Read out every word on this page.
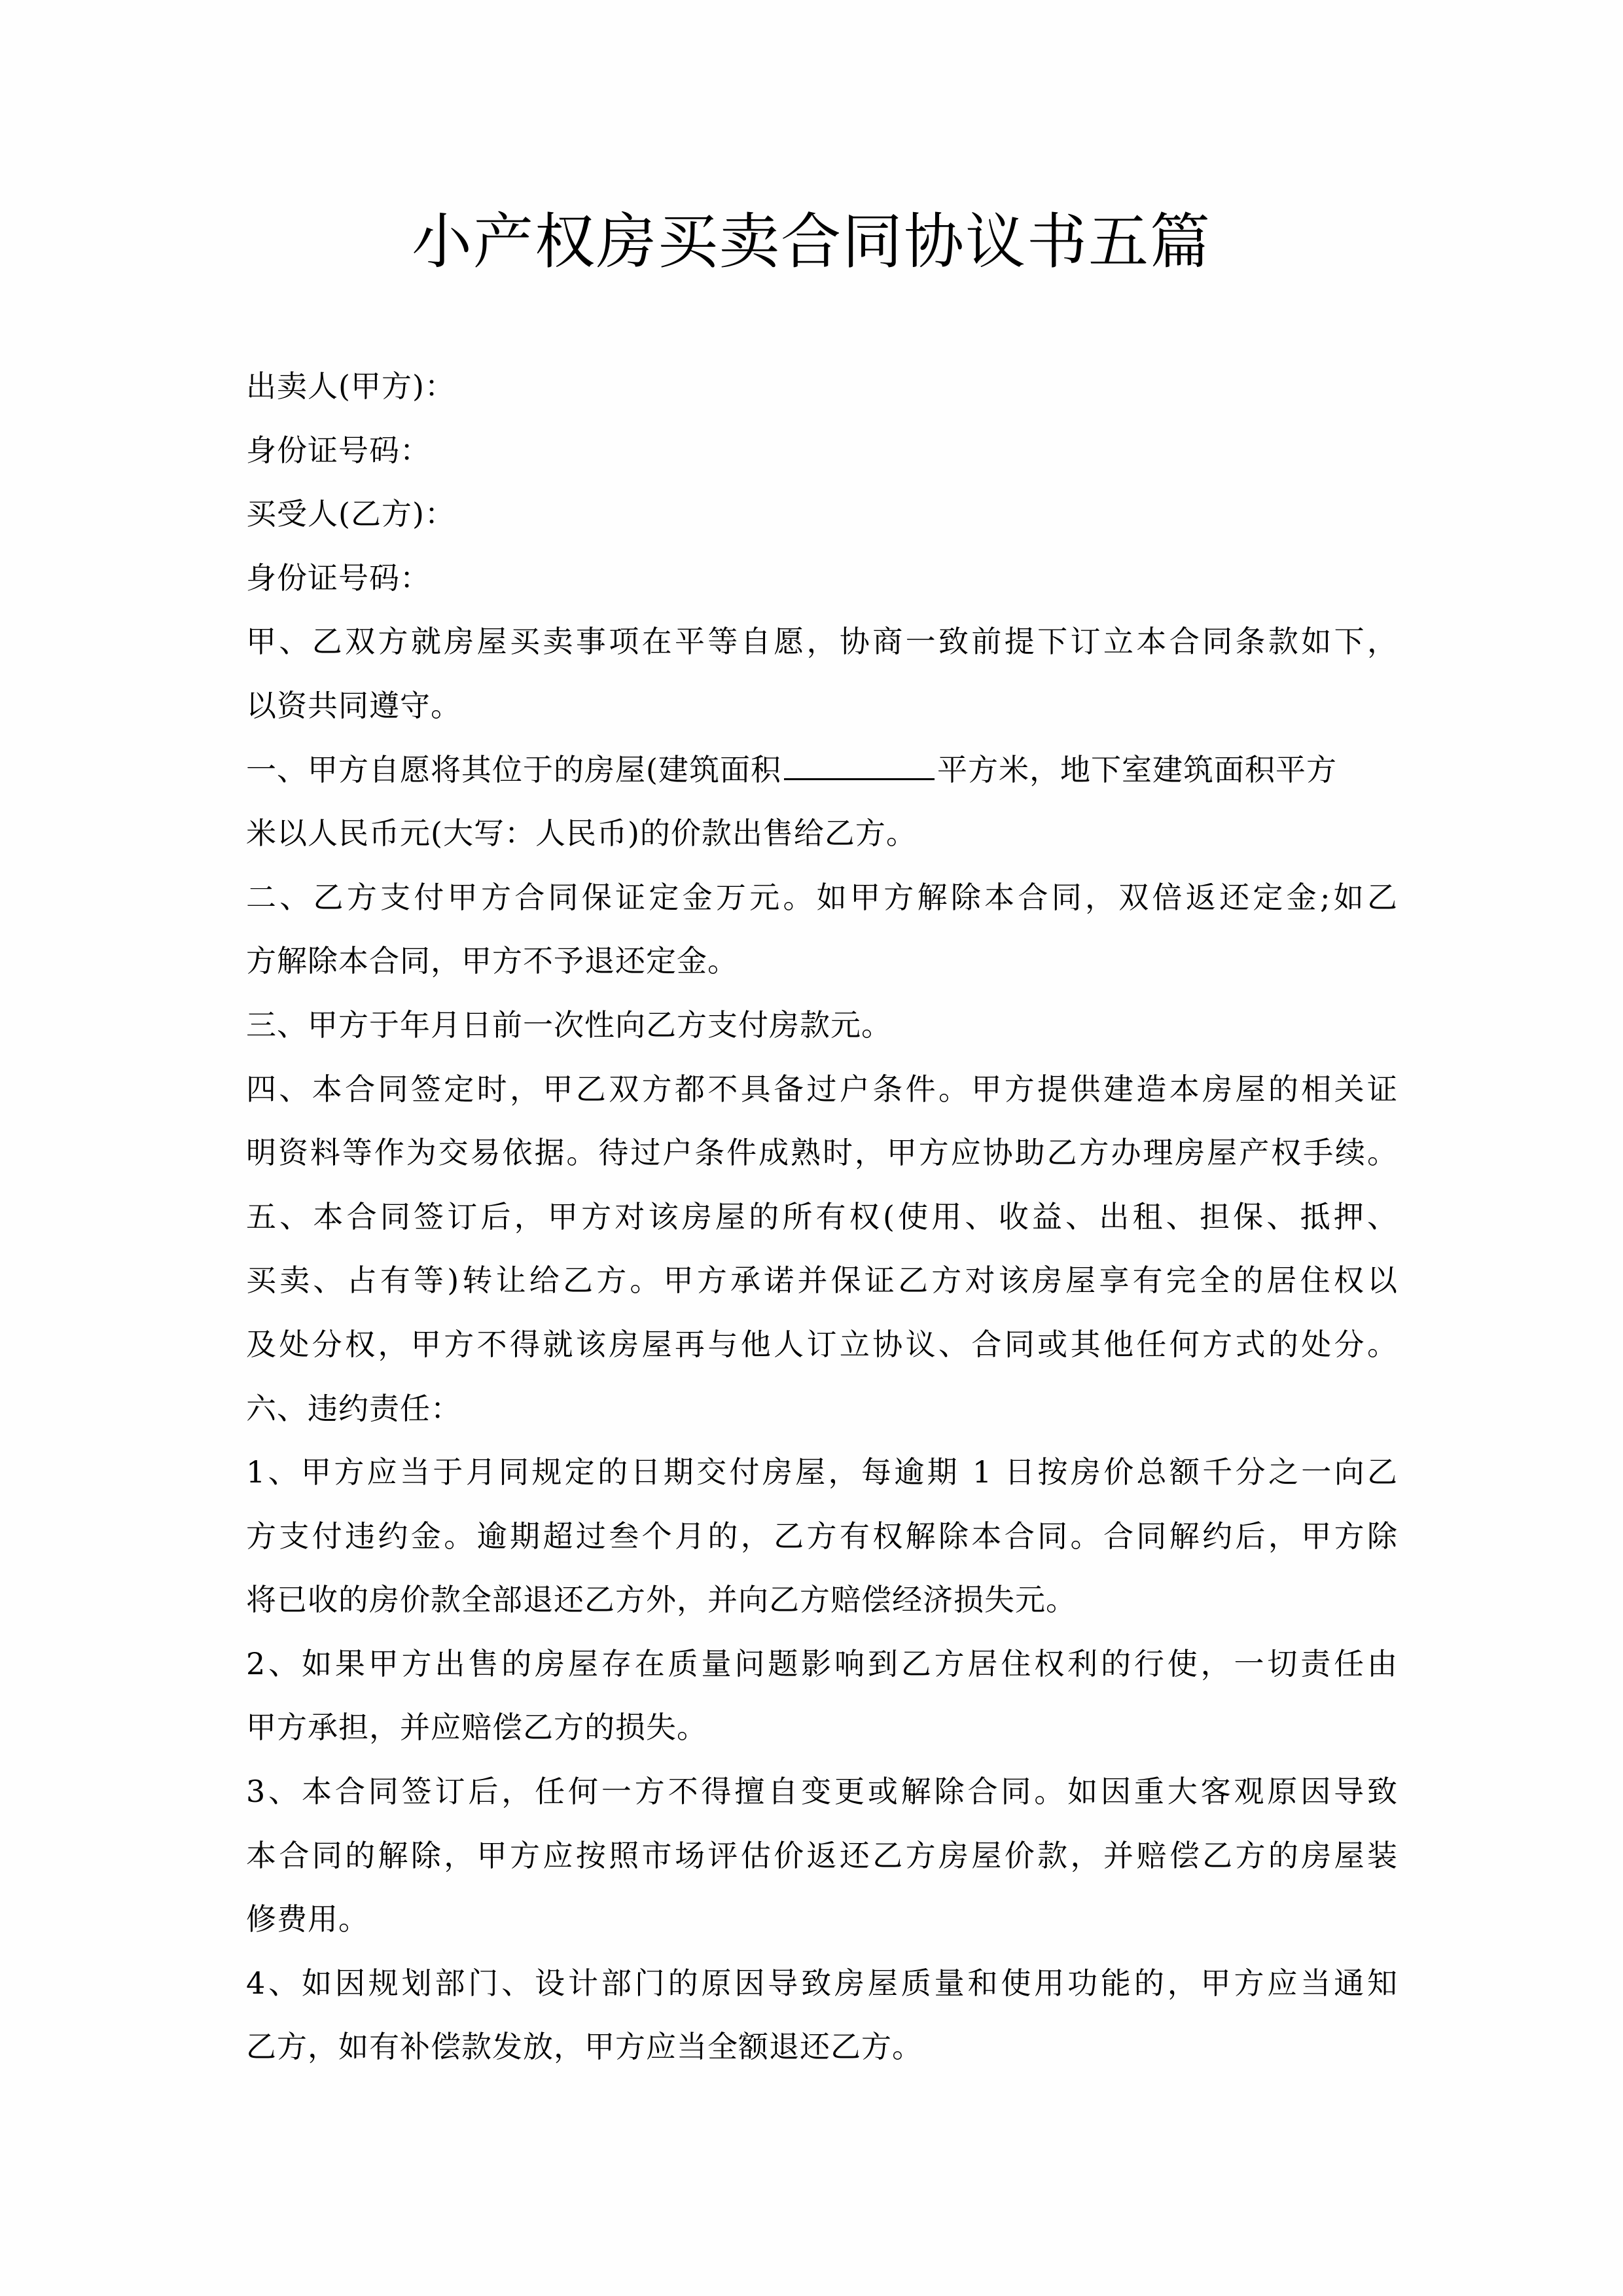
小产权房买卖合同协议书五篇
出卖人(甲方)：
身份证号码：
买受人(乙方)：
身份证号码：
甲、乙双方就房屋买卖事项在平等自愿，协商一致前提下订立本合同条款如下，
以资共同遵守。
一、甲方自愿将其位于的房屋(建筑面积	平方米，地下室建筑面积平方
米以人民币元(大写：人民币)的价款出售给乙方。
二、乙方支付甲方合同保证定金万元。如甲方解除本合同，双倍返还定金;如乙
方解除本合同，甲方不予退还定金。
三、甲方于年月日前一次性向乙方支付房款元。
四、本合同签定时，甲乙双方都不具备过户条件。甲方提供建造本房屋的相关证
明资料等作为交易依据。待过户条件成熟时，甲方应协助乙方办理房屋产权手续。
五、本合同签订后，甲方对该房屋的所有权(使用、收益、出租、担保、抵押、
买卖、占有等)转让给乙方。甲方承诺并保证乙方对该房屋享有完全的居住权以
及处分权，甲方不得就该房屋再与他人订立协议、合同或其他任何方式的处分。
六、违约责任：
1、甲方应当于月同规定的日期交付房屋，每逾期 1 日按房价总额千分之一向乙
方支付违约金。逾期超过叁个月的，乙方有权解除本合同。合同解约后，甲方除
将已收的房价款全部退还乙方外，并向乙方赔偿经济损失元。
2、如果甲方出售的房屋存在质量问题影响到乙方居住权利的行使，一切责任由
甲方承担，并应赔偿乙方的损失。
3、本合同签订后，任何一方不得擅自变更或解除合同。如因重大客观原因导致
本合同的解除，甲方应按照市场评估价返还乙方房屋价款，并赔偿乙方的房屋装
修费用。
4、如因规划部门、设计部门的原因导致房屋质量和使用功能的，甲方应当通知
乙方，如有补偿款发放，甲方应当全额退还乙方。
